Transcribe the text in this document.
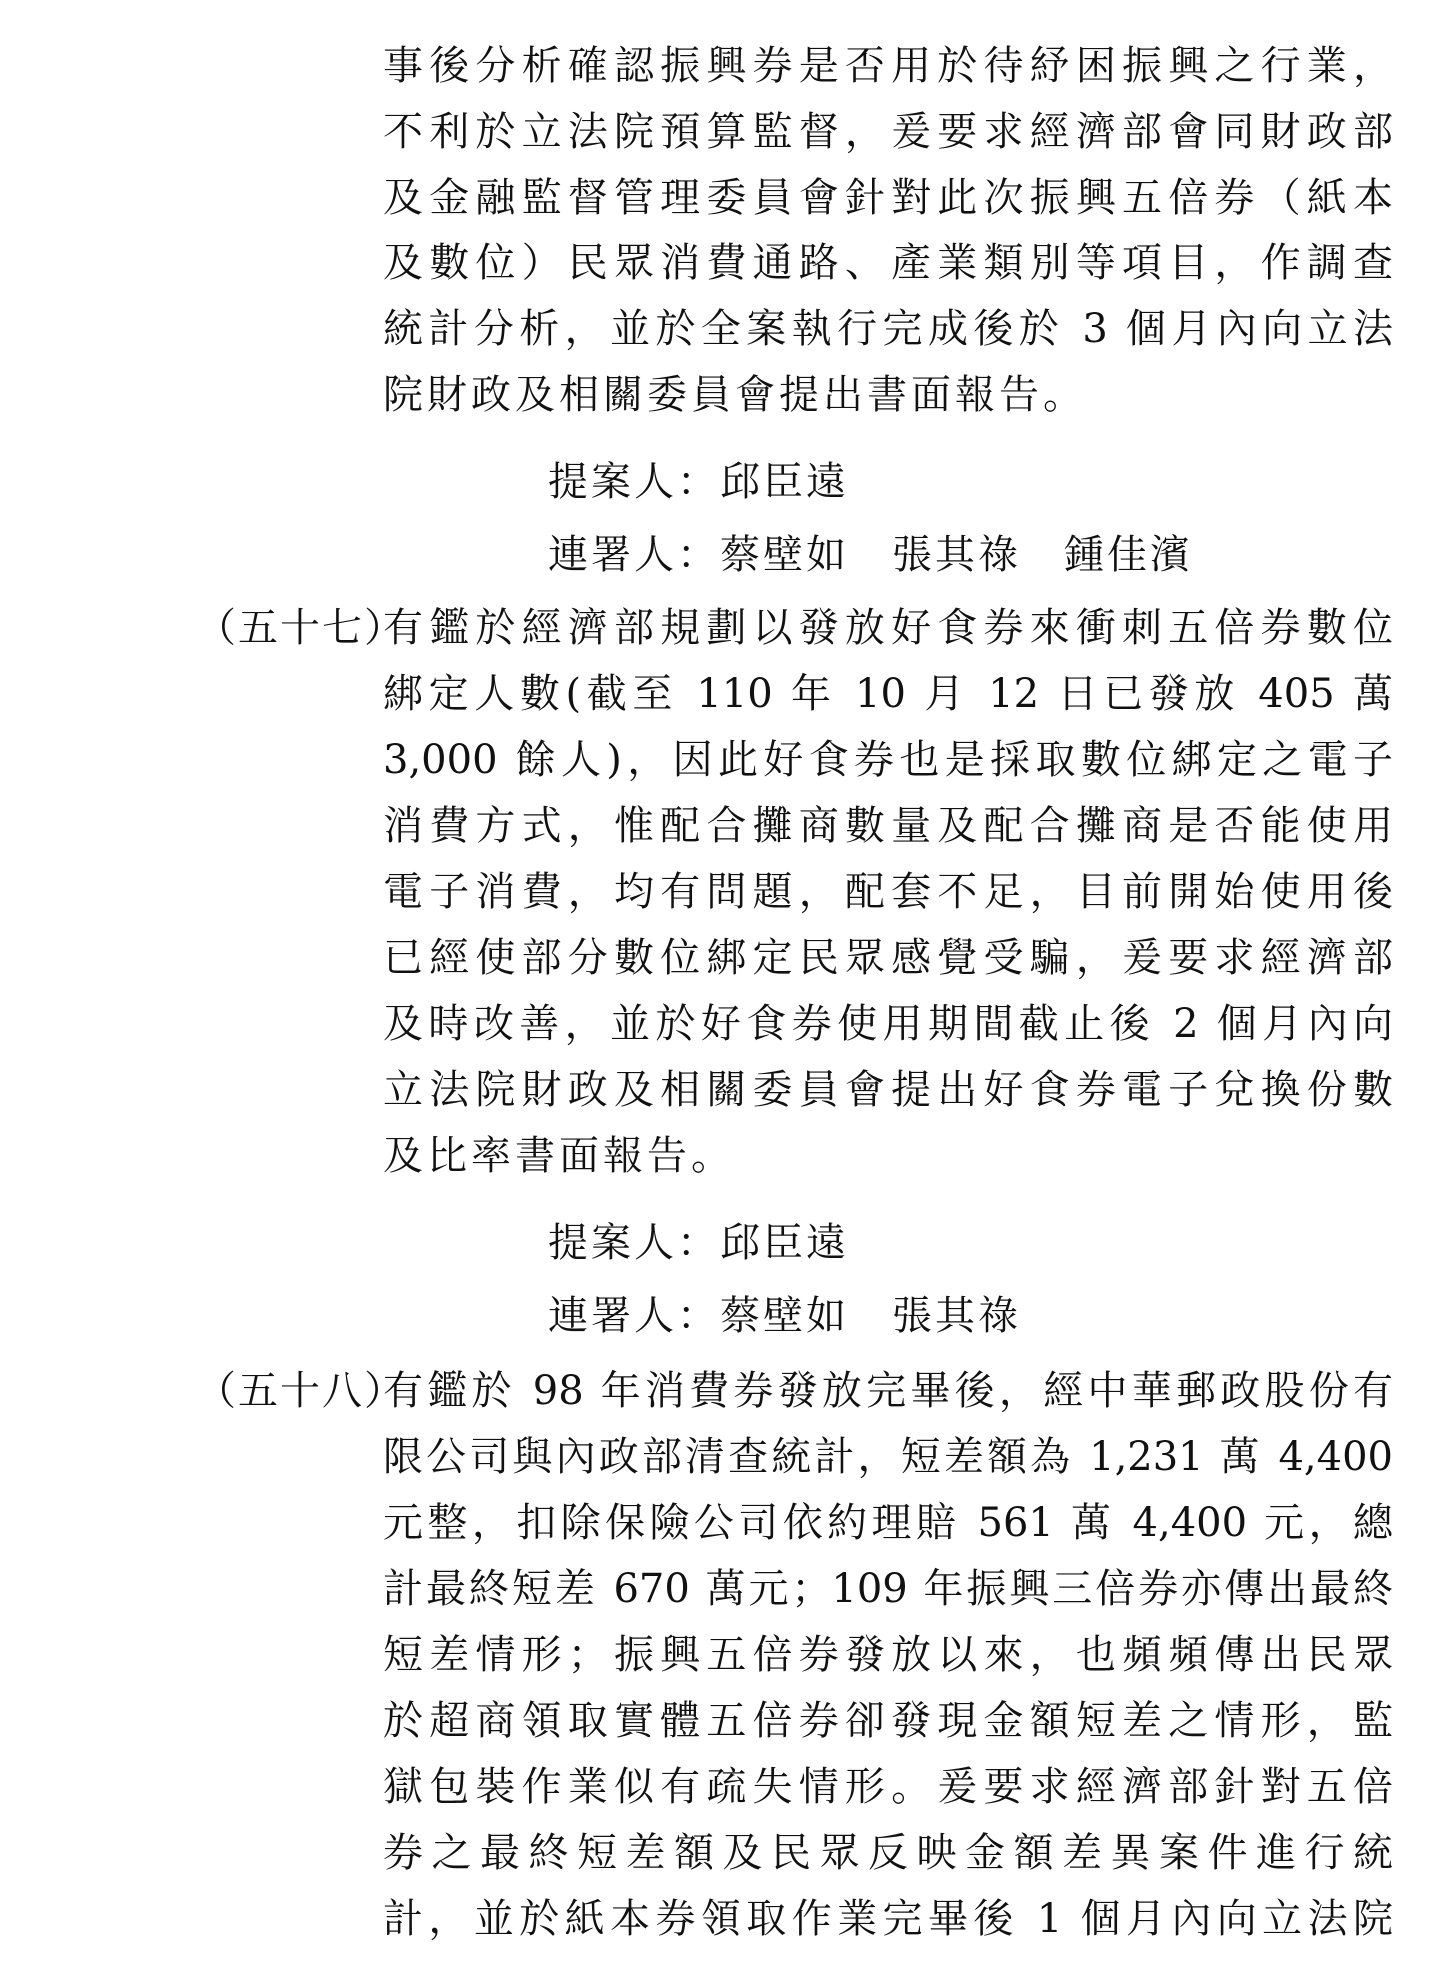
事後分析確認振興券是否用於待紓困振興之行業，
不利於立法院預算監督，爰要求經濟部會同財政部
及金融監督管理委員會針對此次振興五倍券（紙本
及數位）民眾消費通路、產業類別等項目，作調查
統計分析，並於全案執行完成後於 3 個月內向立法
院財政及相關委員會提出書面報告。
提案人：邱臣遠
連署人：蔡壁如　張其祿　鍾佳濱
（五十七）
有鑑於經濟部規劃以發放好食券來衝刺五倍券數位
綁定人數(截至 110 年 10 月 12 日已發放 405 萬
3,000 餘人)，因此好食券也是採取數位綁定之電子
消費方式，惟配合攤商數量及配合攤商是否能使用
電子消費，均有問題，配套不足，目前開始使用後
已經使部分數位綁定民眾感覺受騙，爰要求經濟部
及時改善，並於好食券使用期間截止後 2 個月內向
立法院財政及相關委員會提出好食券電子兌換份數
及比率書面報告。
提案人：邱臣遠
連署人：蔡壁如　張其祿
（五十八）
有鑑於 98 年消費券發放完畢後，經中華郵政股份有
限公司與內政部清查統計，短差額為 1,231 萬 4,400
元整，扣除保險公司依約理賠 561 萬 4,400 元，總
計最終短差 670 萬元；109 年振興三倍券亦傳出最終
短差情形；振興五倍券發放以來，也頻頻傳出民眾
於超商領取實體五倍券卻發現金額短差之情形，監
獄包裝作業似有疏失情形。爰要求經濟部針對五倍
券之最終短差額及民眾反映金額差異案件進行統
計，並於紙本券領取作業完畢後 1 個月內向立法院
